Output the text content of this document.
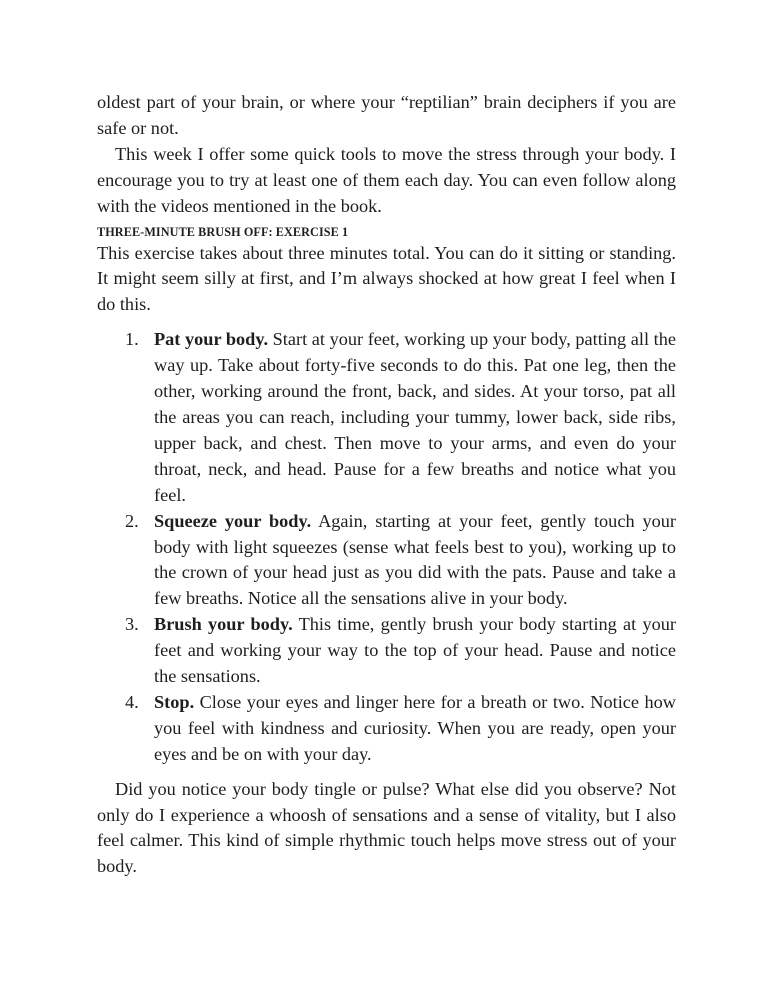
oldest part of your brain, or where your “reptilian” brain deciphers if you are safe or not.

This week I offer some quick tools to move the stress through your body. I encourage you to try at least one of them each day. You can even follow along with the videos mentioned in the book.

THREE-MINUTE BRUSH OFF: EXERCISE 1

This exercise takes about three minutes total. You can do it sitting or standing. It might seem silly at first, and I’m always shocked at how great I feel when I do this.

1. Pat your body. Start at your feet, working up your body, patting all the way up. Take about forty-five seconds to do this. Pat one leg, then the other, working around the front, back, and sides. At your torso, pat all the areas you can reach, including your tummy, lower back, side ribs, upper back, and chest. Then move to your arms, and even do your throat, neck, and head. Pause for a few breaths and notice what you feel.
2. Squeeze your body. Again, starting at your feet, gently touch your body with light squeezes (sense what feels best to you), working up to the crown of your head just as you did with the pats. Pause and take a few breaths. Notice all the sensations alive in your body.
3. Brush your body. This time, gently brush your body starting at your feet and working your way to the top of your head. Pause and notice the sensations.
4. Stop. Close your eyes and linger here for a breath or two. Notice how you feel with kindness and curiosity. When you are ready, open your eyes and be on with your day.

Did you notice your body tingle or pulse? What else did you observe? Not only do I experience a whoosh of sensations and a sense of vitality, but I also feel calmer. This kind of simple rhythmic touch helps move stress out of your body.
